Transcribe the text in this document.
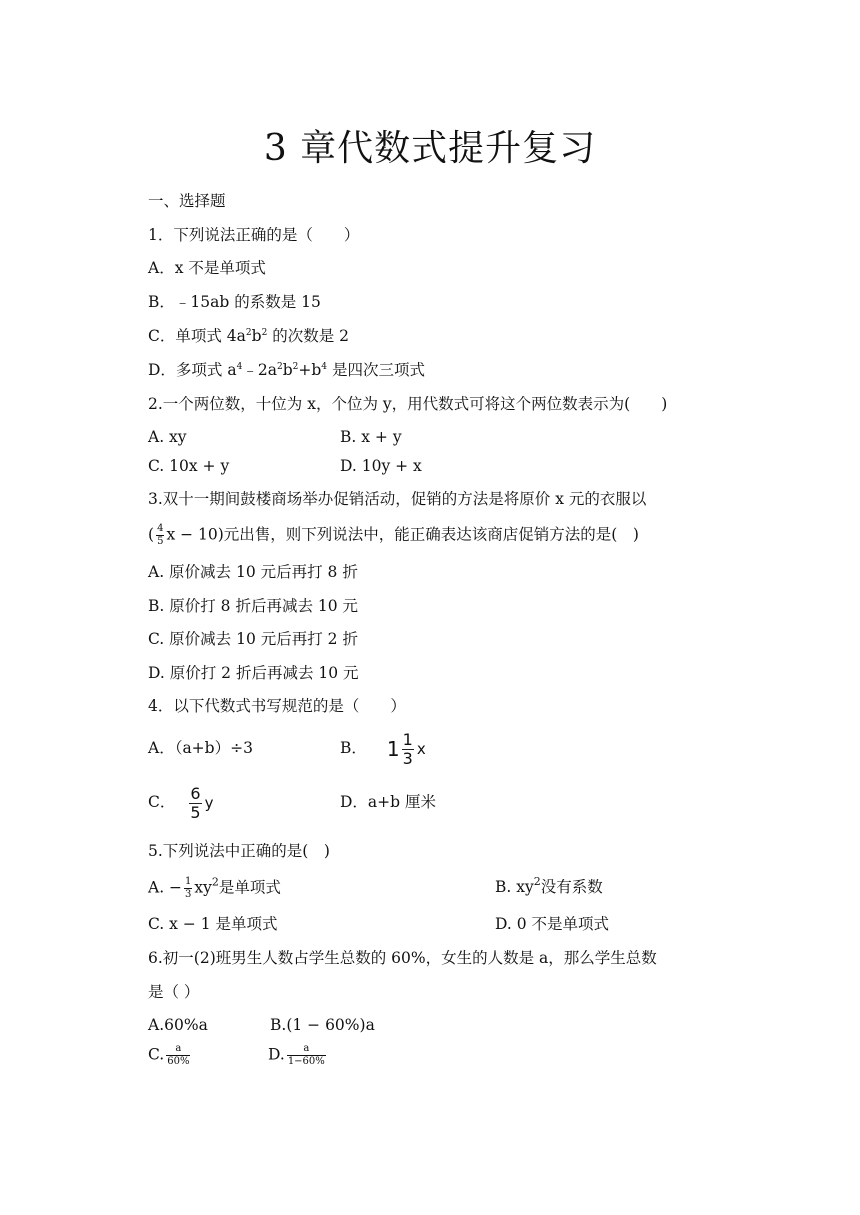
3 章代数式提升复习
一、选择题
1．下列说法正确的是（　　）
A．x 不是单项式
B．﹣15ab 的系数是 15
C．单项式 $4a^2b^2$ 的次数是 2
D．多项式 $a^4﹣2a^2b^2+b^4$ 是四次三项式
2.一个两位数，十位为 x，个位为 y，用代数式可将这个两位数表示为(　　)
A. xy	B. x + y
C. 10x + y	D. 10y + x
3.双十一期间鼓楼商场举办促销活动，促销的方法是将原价 x 元的衣服以
( $\frac{4}{5}$ x − 10)元出售，则下列说法中，能正确表达该商店促销方法的是(　)
A. 原价减去 10 元后再打 8 折
B. 原价打 8 折后再减去 10 元
C. 原价减去 10 元后再打 2 折
D. 原价打 2 折后再减去 10 元
4．以下代数式书写规范的是（　　）
A．（a+b）÷3	B． $1 \frac{1}{3}$ x
C． $\frac{6}{5}$ y	D．a+b 厘米
5.下列说法中正确的是(　)
A. − $\frac{1}{3} xy^2$是单项式	B. $xy^2$没有系数
C. x − 1 是单项式	D. 0 不是单项式
6.初一(2)班男生人数占学生总数的 60%，女生的人数是 a，那么学生总数
是（ ）
A.60%a	B.(1 − 60%)a
C. $\frac{a}{60\%}$	D. $\frac{a}{1-60\%}$
